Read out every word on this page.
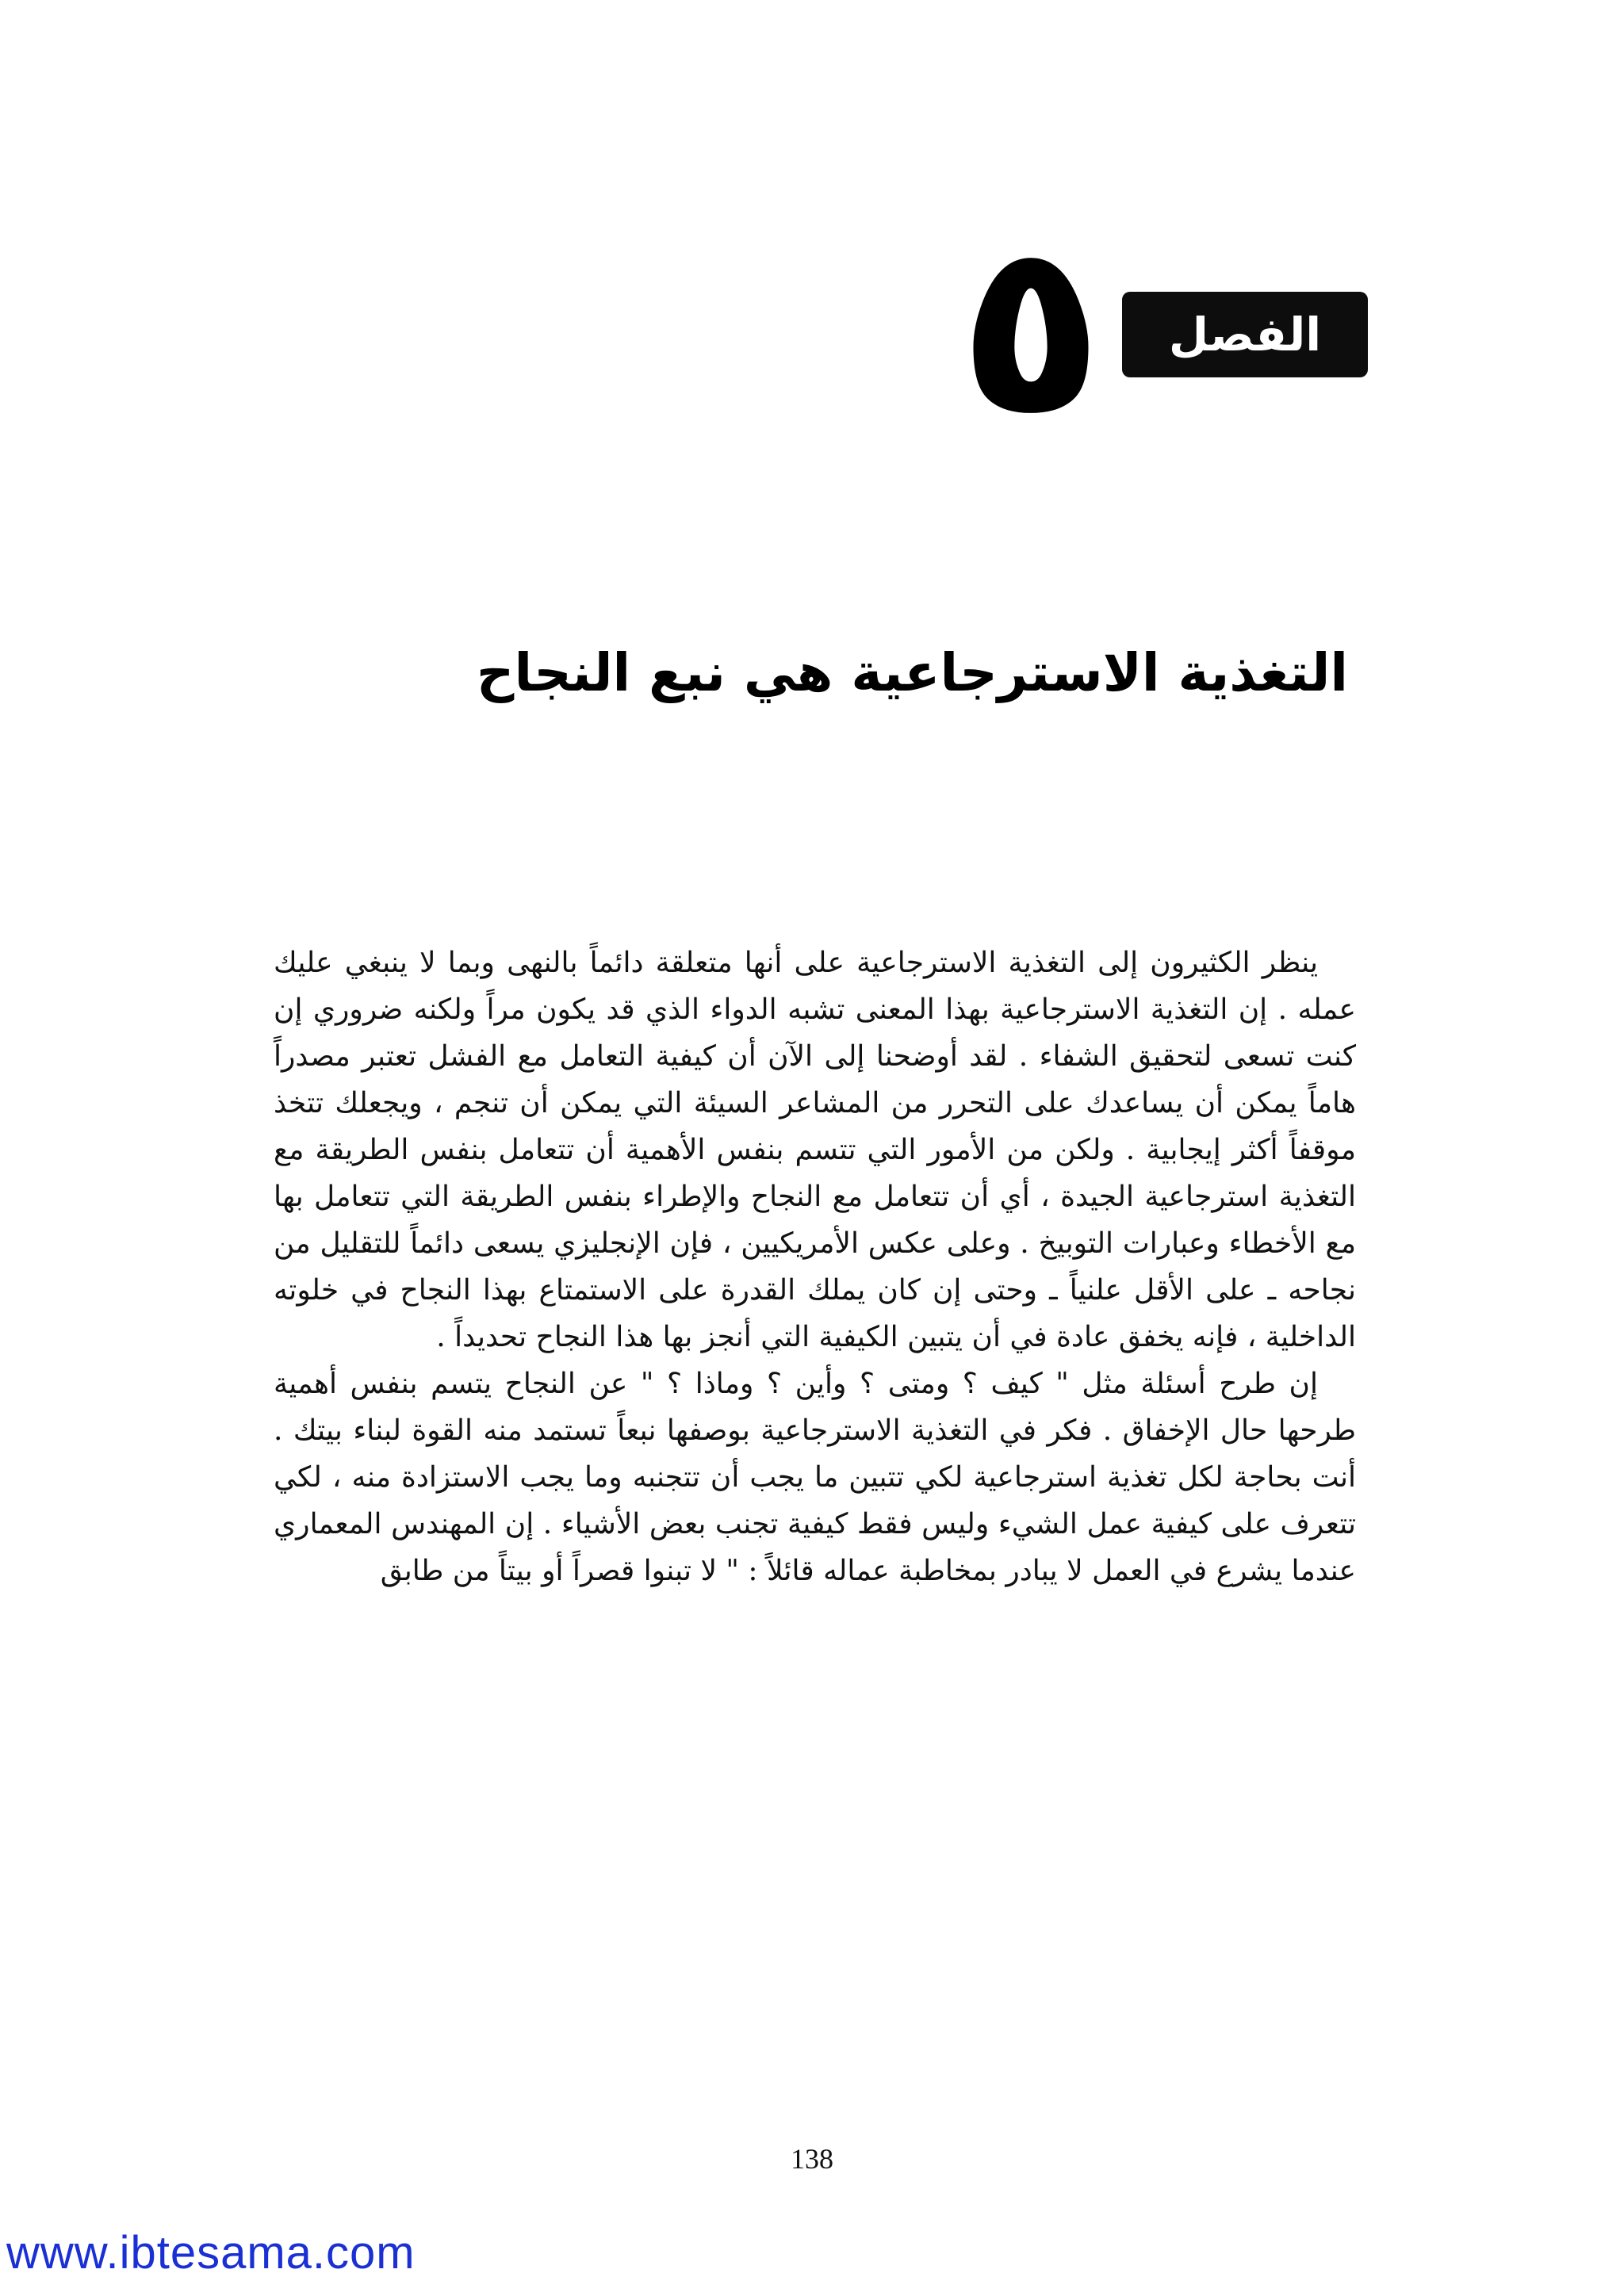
الفصل
٥
التغذية الاسترجاعية هي نبع النجاح

ينظر الكثيرون إلى التغذية الاسترجاعية على أنها متعلقة دائماً بالنهى وبما لا ينبغي عليك عمله . إن التغذية الاسترجاعية بهذا المعنى تشبه الدواء الذي قد يكون مراً ولكنه ضروري إن كنت تسعى لتحقيق الشفاء . لقد أوضحنا إلى الآن أن كيفية التعامل مع الفشل تعتبر مصدراً هاماً يمكن أن يساعدك على التحرر من المشاعر السيئة التي يمكن أن تنجم ، ويجعلك تتخذ موقفاً أكثر إيجابية . ولكن من الأمور التي تتسم بنفس الأهمية أن تتعامل بنفس الطريقة مع التغذية استرجاعية الجيدة ، أي أن تتعامل مع النجاح والإطراء بنفس الطريقة التي تتعامل بها مع الأخطاء وعبارات التوبيخ . وعلى عكس الأمريكيين ، فإن الإنجليزي يسعى دائماً للتقليل من نجاحه ـ على الأقل علنياً ـ وحتى إن كان يملك القدرة على الاستمتاع بهذا النجاح في خلوته الداخلية ، فإنه يخفق عادة في أن يتبين الكيفية التي أنجز بها هذا النجاح تحديداً .

إن طرح أسئلة مثل " كيف ؟ ومتى ؟ وأين ؟ وماذا ؟ " عن النجاح يتسم بنفس أهمية طرحها حال الإخفاق . فكر في التغذية الاسترجاعية بوصفها نبعاً تستمد منه القوة لبناء بيتك . أنت بحاجة لكل تغذية استرجاعية لكي تتبين ما يجب أن تتجنبه وما يجب الاستزادة منه ، لكي تتعرف على كيفية عمل الشيء وليس فقط كيفية تجنب بعض الأشياء . إن المهندس المعماري عندما يشرع في العمل لا يبادر بمخاطبة عماله قائلاً : " لا تبنوا قصراً أو بيتاً من طابق

138
www.ibtesama.com
